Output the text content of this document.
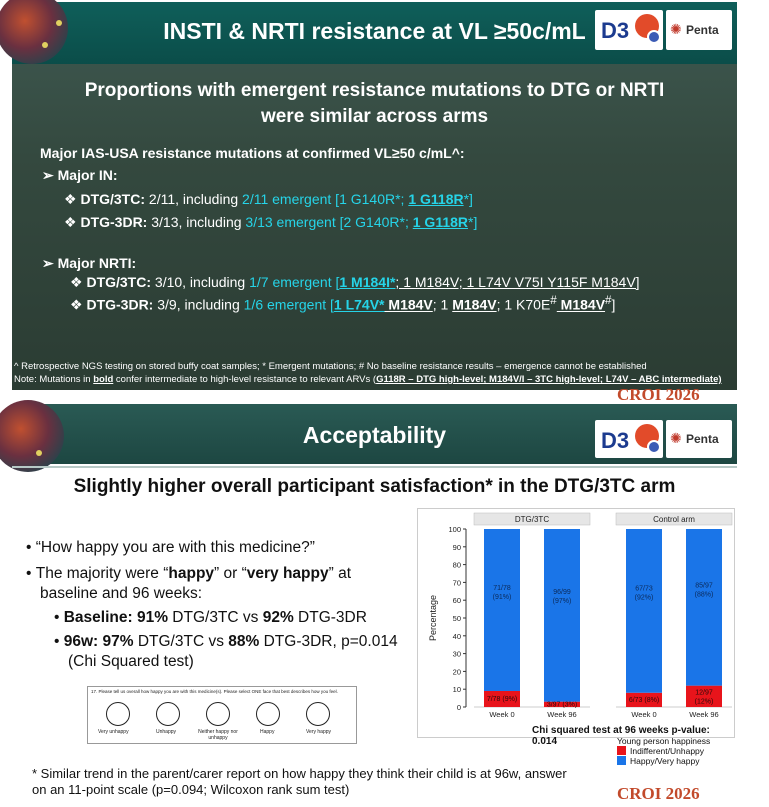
INSTI & NRTI resistance at VL ≥50c/mL D3	✺ Penta
Proportions with emergent resistance mutations to DTG or NRTI
were similar across arms
Major IAS-USA resistance mutations at confirmed VL≥50 c/mL^:
➢ Major IN:
❖ DTG/3TC: 2/11, including 2/11 emergent [1 G140R*; 1 G118R*]
❖ DTG-3DR: 3/13, including 3/13 emergent [2 G140R*; 1 G118R*]
➢ Major NRTI:
❖ DTG/3TC: 3/10, including 1/7 emergent [1 M184I*; 1 M184V; 1 L74V V75I Y115F M184V]
❖ DTG-3DR: 3/9, including 1/6 emergent [1 L74V* M184V; 1 M184V; 1 K70E# M184V#]
^ Retrospective NGS testing on stored buffy coat samples; * Emergent mutations; # No baseline resistance results – emergence cannot be established
Note: Mutations in bold confer intermediate to high-level resistance to relevant ARVs (G118R – DTG high-level; M184V/I – 3TC high-level; L74V – ABC intermediate)
CROI 2026
Acceptability	D3	✺ Penta
Slightly higher overall participant satisfaction* in the DTG/3TC arm
• “How happy you are with this medicine?”
• The majority were “happy” or “very happy” at
baseline and 96 weeks:
• Baseline: 91% DTG/3TC vs 92% DTG-3DR
• 96w: 97% DTG/3TC vs 88% DTG-3DR, p=0.014
(Chi Squared test)
17. Please tell us overall how happy you are with this medicine(s). Please select ONE face that best describes how you feel.
Very unhappy	Unhappy	Neither happy nor unhappy
Happy	Very happy
0
10
20
30
40
50
60
70
80
90
100
Percentage
DTG/3TC
7/78 (9%)
71/78
(91%)
Week 0
3/97 (3%)
96/99
(97%)
Week 96
Control arm
6/73 (8%)
67/73
(92%)
Week 0
12/97
(12%)
85/97
(88%)
Week 96
Chi squared test at 96 weeks p-value: 0.014	Young person happiness
Indifferent/Unhappy
Happy/Very happy
* Similar trend in the parent/carer report on how happy they think their child is at 96w, answer
on an 11-point scale (p=0.094; Wilcoxon rank sum test)	CROI 2026
